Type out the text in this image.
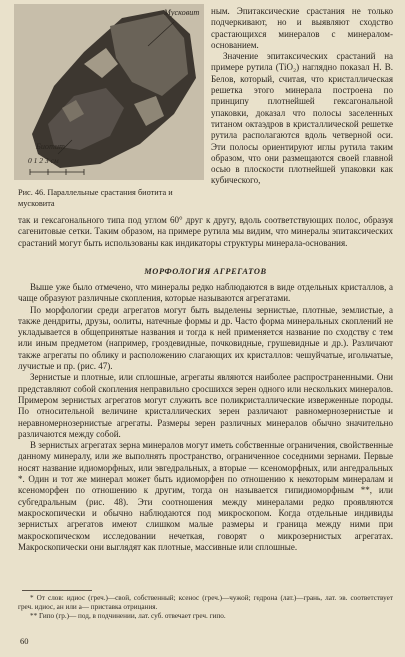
Мусковит
Биотит
0 1 2 3 см
Рис. 46. Параллельные срастания биотита и мусковита

ным. Эпитаксические срастания не только подчеркивают, но и выявляют сходство срастающихся минералов с минералом-основанием.

Значение эпитаксических срастаний на примере рутила (TiO₂) наглядно показал Н. В. Белов, который, считая, что кристаллическая решетка этого минерала построена по принципу плотнейшей гексагональной упаковки, доказал что полосы заселенных титаном октаэдров в кристаллической решетке рутила располагаются вдоль четверной оси. Эти полосы ориентируют иглы рутила таким образом, что они размещаются своей главной осью в плоскости плотнейшей упаковки как кубического,

так и гексагонального типа под углом 60° друг к другу, вдоль соответствующих полос, образуя сагенитовые сетки. Таким образом, на примере рутила мы видим, что минералы эпитаксических срастаний могут быть использованы как индикаторы структуры минерала-основания.

МОРФОЛОГИЯ АГРЕГАТОВ

Выше уже было отмечено, что минералы редко наблюдаются в виде отдельных кристаллов, а чаще образуют различные скопления, которые называются агрегатами.

По морфологии среди агрегатов могут быть выделены зернистые, плотные, землистые, а также дендриты, друзы, оолиты, натечные формы и др. Часто форма минеральных скоплений не укладывается в общепринятые названия и тогда к ней применяется название по сходству с тем или иным предметом (например, гроздевидные, почковидные, грушевидные и др.). Различают также агрегаты по облику и расположению слагающих их кристаллов: чешуйчатые, игольчатые, лучистые и пр. (рис. 47).

Зернистые и плотные, или сплошные, агрегаты являются наиболее распространенными. Они представляют собой скопления неправильно сросшихся зерен одного или нескольких минералов. Примером зернистых агрегатов могут служить все поликристаллические изверженные породы. По относительной величине кристаллических зерен различают равномернозернистые и неравномернозернистые агрегаты. Размеры зерен различных минералов обычно значительно различаются между собой.

В зернистых агрегатах зерна минералов могут иметь собственные ограничения, свойственные данному минералу, или же выполнять пространство, ограниченное соседними зернами. Первые носят название идиоморфных, или эвгедральных, а вторые — ксеноморфных, или ангедральных *. Один и тот же минерал может быть идиоморфен по отношению к некоторым минералам и ксеноморфен по отношению к другим, тогда он называется гипидиоморфным **, или субгедральным (рис. 48). Эти соотношения между минералами редко проявляются макроскопически и обычно наблюдаются под микроскопом. Когда отдельные индивиды зернистых агрегатов имеют слишком малые размеры и граница между ними при макроскопическом исследовании нечеткая, говорят о микрозернистых агрегатах. Макроскопически они выглядят как плотные, массивные или сплошные.

* От слов: идиос (греч.)—свой, собственный; ксенос (греч.)—чужой; гедрона (лат.)—грань, лат. эв. соответствует греч. идиос, ан или а— приставка отрицания.

** Гипо (гр.)— под, в подчинении, лат. суб. отвечает греч. гипо.

60
